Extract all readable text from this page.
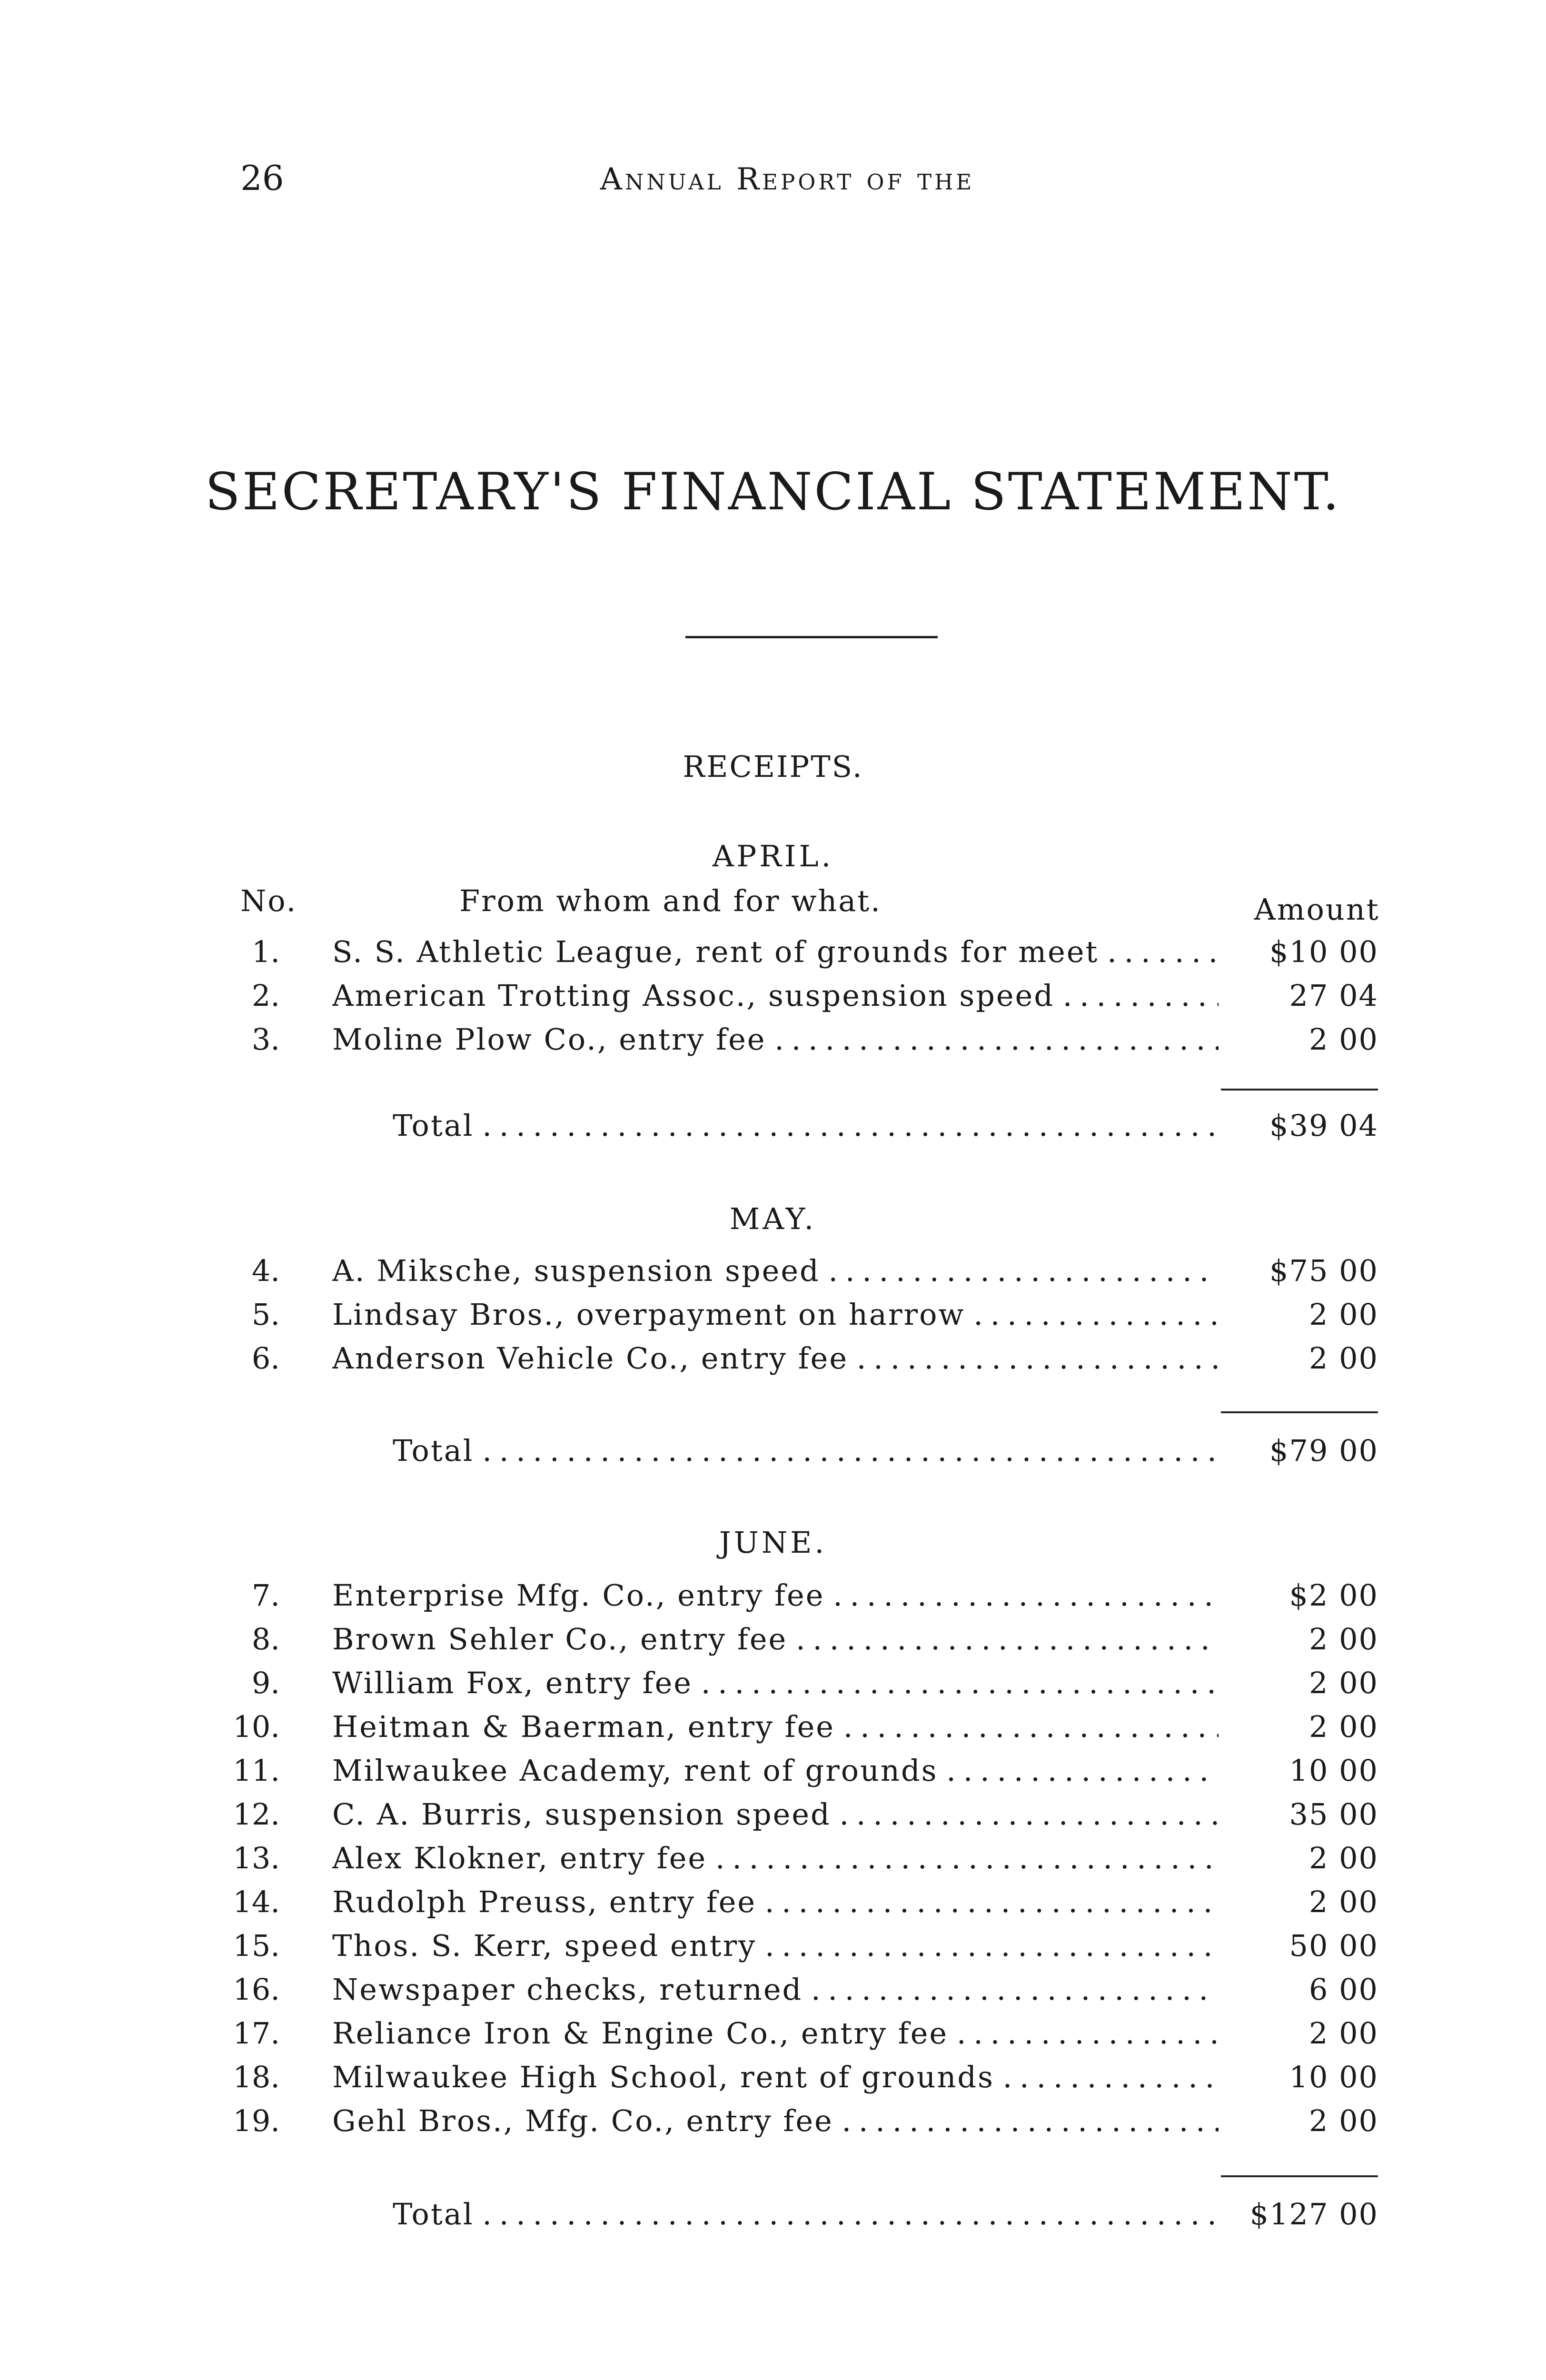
26	Annual Report of the
SECRETARY'S FINANCIAL STATEMENT.
RECEIPTS.
APRIL.
No.	From whom and for what.	Amount
1. S. S. Athletic League, rent of grounds for meet . . .	$10 00
2. American Trotting Assoc., suspension speed . . .	27 04
3. Moline Plow Co., entry fee . . .	2 00
Total . . .	$39 04
MAY.
4. A. Miksche, suspension speed . . .	$75 00
5. Lindsay Bros., overpayment on harrow . . .	2 00
6. Anderson Vehicle Co., entry fee . . .	2 00
Total . . .	$79 00
JUNE.
7. Enterprise Mfg. Co., entry fee . . .	$2 00
8. Brown Sehler Co., entry fee . . .	2 00
9. William Fox, entry fee . . .	2 00
10. Heitman & Baerman, entry fee . . .	2 00
11. Milwaukee Academy, rent of grounds . . .	10 00
12. C. A. Burris, suspension speed . . .	35 00
13. Alex Klokner, entry fee . . .	2 00
14. Rudolph Preuss, entry fee . . .	2 00
15. Thos. S. Kerr, speed entry . . .	50 00
16. Newspaper checks, returned . . .	6 00
17. Reliance Iron & Engine Co., entry fee . . .	2 00
18. Milwaukee High School, rent of grounds . . .	10 00
19. Gehl Bros., Mfg. Co., entry fee . . .	2 00
Total . . .	$127 00
